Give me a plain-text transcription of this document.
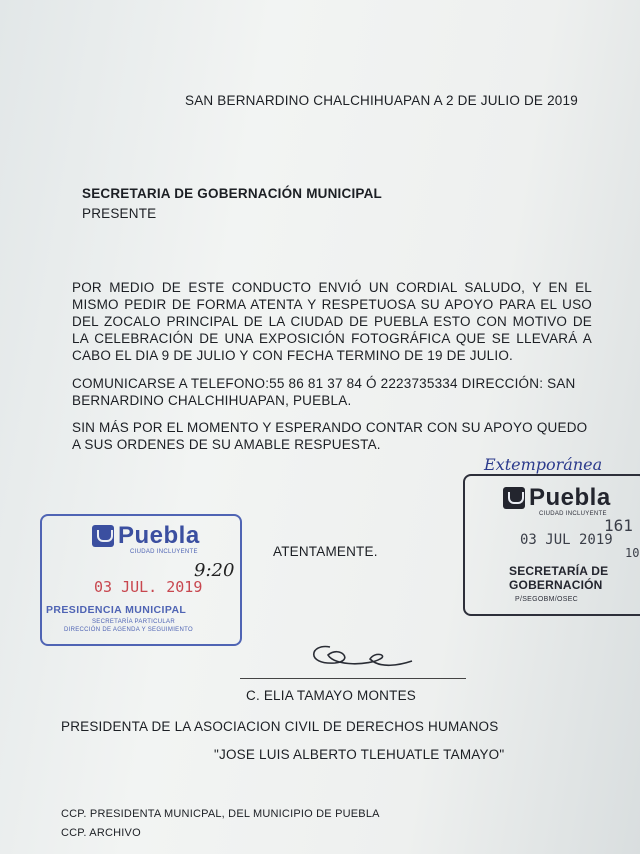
SAN BERNARDINO CHALCHIHUAPAN A 2 DE JULIO DE 2019
SECRETARIA DE GOBERNACIÓN MUNICIPAL
PRESENTE
POR MEDIO DE ESTE CONDUCTO ENVIÓ UN CORDIAL SALUDO, Y EN EL MISMO PEDIR DE FORMA ATENTA Y RESPETUOSA SU APOYO PARA EL USO DEL ZOCALO PRINCIPAL DE LA CIUDAD DE PUEBLA ESTO CON MOTIVO DE LA CELEBRACIÓN DE UNA EXPOSICIÓN FOTOGRÁFICA QUE SE LLEVARÁ A CABO EL DIA 9 DE JULIO Y CON FECHA TERMINO DE 19 DE JULIO.
COMUNICARSE A TELEFONO:55 86 81 37 84 Ó 2223735334 DIRECCIÓN: SAN BERNARDINO CHALCHIHUAPAN, PUEBLA.
SIN MÁS POR EL MOMENTO Y ESPERANDO CONTAR CON SU APOYO QUEDO A SUS ORDENES DE SU AMABLE RESPUESTA.
Extemporánea
Puebla
CIUDAD INCLUYENTE
03 JUL. 2019
PRESIDENCIA MUNICIPAL
SECRETARÍA PARTICULAR
DIRECCIÓN DE AGENDA Y SEGUIMIENTO
9:20
ATENTAMENTE.
Puebla
CIUDAD INCLUYENTE
03 JUL 2019
161
10
SECRETARÍA DE
GOBERNACIÓN
P/SEGOBM/OSEC
C. ELIA TAMAYO MONTES
PRESIDENTA DE LA ASOCIACION CIVIL DE DERECHOS HUMANOS
"JOSE LUIS ALBERTO TLEHUATLE TAMAYO"
CCP. PRESIDENTA MUNICPAL, DEL MUNICIPIO DE PUEBLA
CCP. ARCHIVO
